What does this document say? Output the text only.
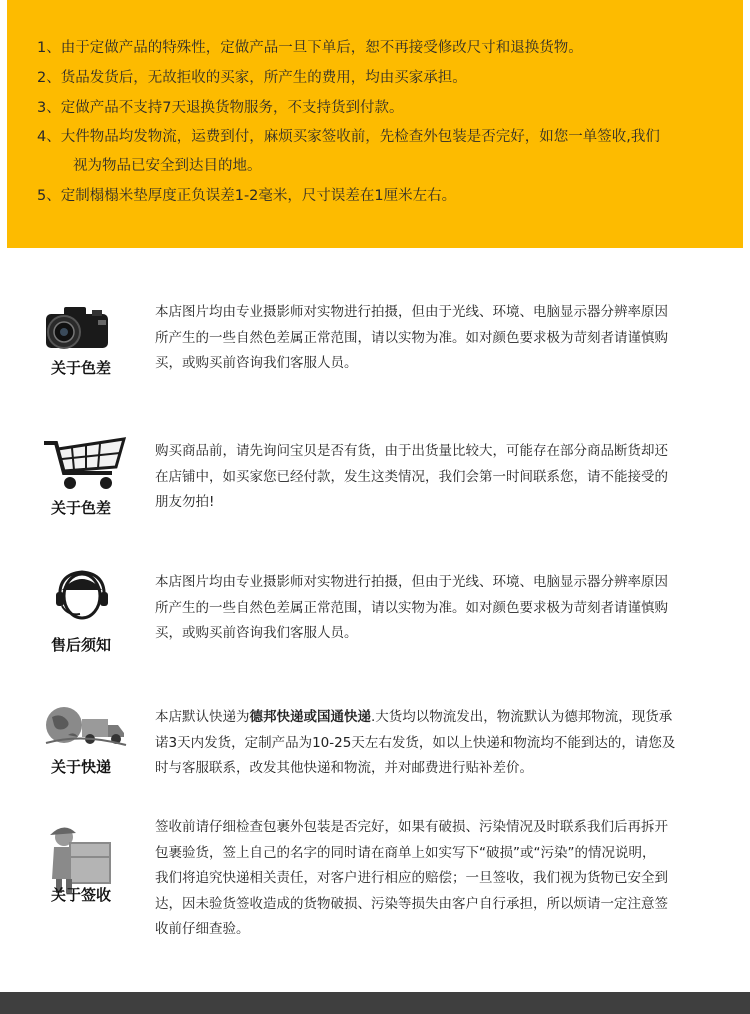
1、由于定做产品的特殊性，定做产品一旦下单后，恕不再接受修改尺寸和退换货物。
2、货品发货后，无故拒收的买家，所产生的费用，均由买家承担。
3、定做产品不支持7天退换货物服务，不支持货到付款。
4、大件物品均发物流，运费到付，麻烦买家签收前，先检查外包装是否完好，如您一单签收,我们
视为物品已安全到达目的地。
5、定制榻榻米垫厚度正负误差1-2毫米，尺寸误差在1厘米左右。
关于色差
本店图片均由专业摄影师对实物进行拍摄，但由于光线、环境、电脑显示器分辨率原因
所产生的一些自然色差属正常范围，请以实物为准。如对颜色要求极为苛刻者请谨慎购
买，或购买前咨询我们客服人员。
关于色差
购买商品前，请先询问宝贝是否有货，由于出货量比较大，可能存在部分商品断货却还
在店铺中，如买家您已经付款，发生这类情况，我们会第一时间联系您，请不能接受的
朋友勿拍!
售后须知
本店图片均由专业摄影师对实物进行拍摄，但由于光线、环境、电脑显示器分辨率原因
所产生的一些自然色差属正常范围，请以实物为准。如对颜色要求极为苛刻者请谨慎购
买，或购买前咨询我们客服人员。
关于快递
本店默认快递为德邦快递或国通快递.大货均以物流发出，物流默认为德邦物流，现货承
诺3天内发货，定制产品为10-25天左右发货，如以上快递和物流均不能到达的，请您及
时与客服联系，改发其他快递和物流，并对邮费进行贴补差价。
关于签收
签收前请仔细检查包裹外包装是否完好，如果有破损、污染情况及时联系我们后再拆开
包裹验货，签上自己的名字的同时请在商单上如实写下“破损”或“污染”的情况说明，
我们将追究快递相关责任，对客户进行相应的赔偿；一旦签收，我们视为货物已安全到
达，因未验货签收造成的货物破损、污染等损失由客户自行承担，所以烦请一定注意签
收前仔细查验。
